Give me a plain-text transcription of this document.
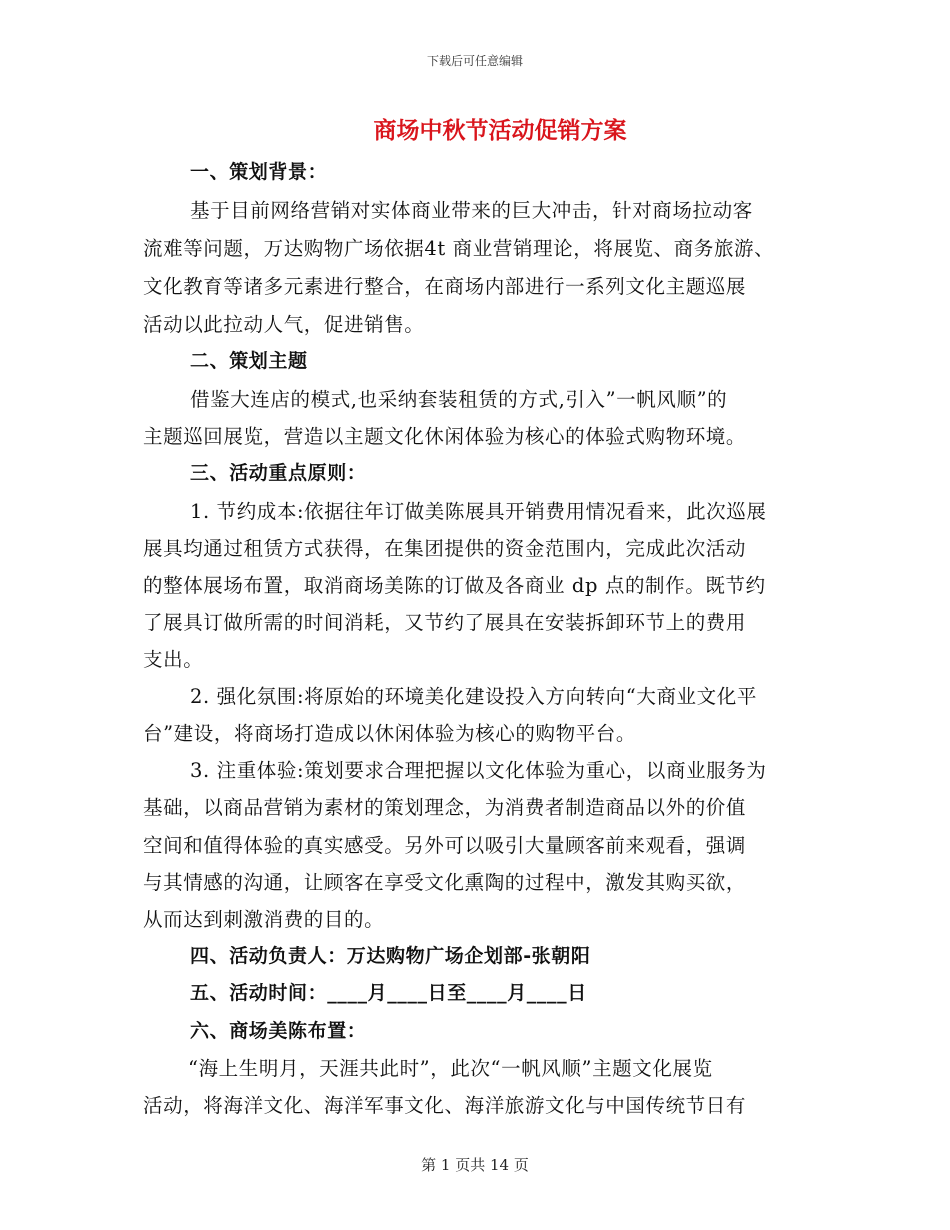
下载后可任意编辑
商场中秋节活动促销方案
一、策划背景：
基于目前网络营销对实体商业带来的巨大冲击，针对商场拉动客
流难等问题，万达购物广场依据4t 商业营销理论，将展览、商务旅游、
文化教育等诸多元素进行整合，在商场内部进行一系列文化主题巡展
活动以此拉动人气，促进销售。
二、策划主题
借鉴大连店的模式,也采纳套装租赁的方式,引入”一帆风顺”的
主题巡回展览，营造以主题文化休闲体验为核心的体验式购物环境。
三、活动重点原则：
1. 节约成本:依据往年订做美陈展具开销费用情况看来，此次巡展
展具均通过租赁方式获得，在集团提供的资金范围内，完成此次活动
的整体展场布置，取消商场美陈的订做及各商业 dp 点的制作。既节约
了展具订做所需的时间消耗，又节约了展具在安装拆卸环节上的费用
支出。
2. 强化氛围:将原始的环境美化建设投入方向转向“大商业文化平
台”建设，将商场打造成以休闲体验为核心的购物平台。
3. 注重体验:策划要求合理把握以文化体验为重心，以商业服务为
基础，以商品营销为素材的策划理念，为消费者制造商品以外的价值
空间和值得体验的真实感受。另外可以吸引大量顾客前来观看，强调
与其情感的沟通，让顾客在享受文化熏陶的过程中，激发其购买欲，
从而达到刺激消费的目的。
四、活动负责人：万达购物广场企划部-张朝阳
五、活动时间：____月____日至____月____日
六、商场美陈布置：
“海上生明月，天涯共此时”，此次“一帆风顺”主题文化展览
活动，将海洋文化、海洋军事文化、海洋旅游文化与中国传统节日有
第 1 页共 14 页
